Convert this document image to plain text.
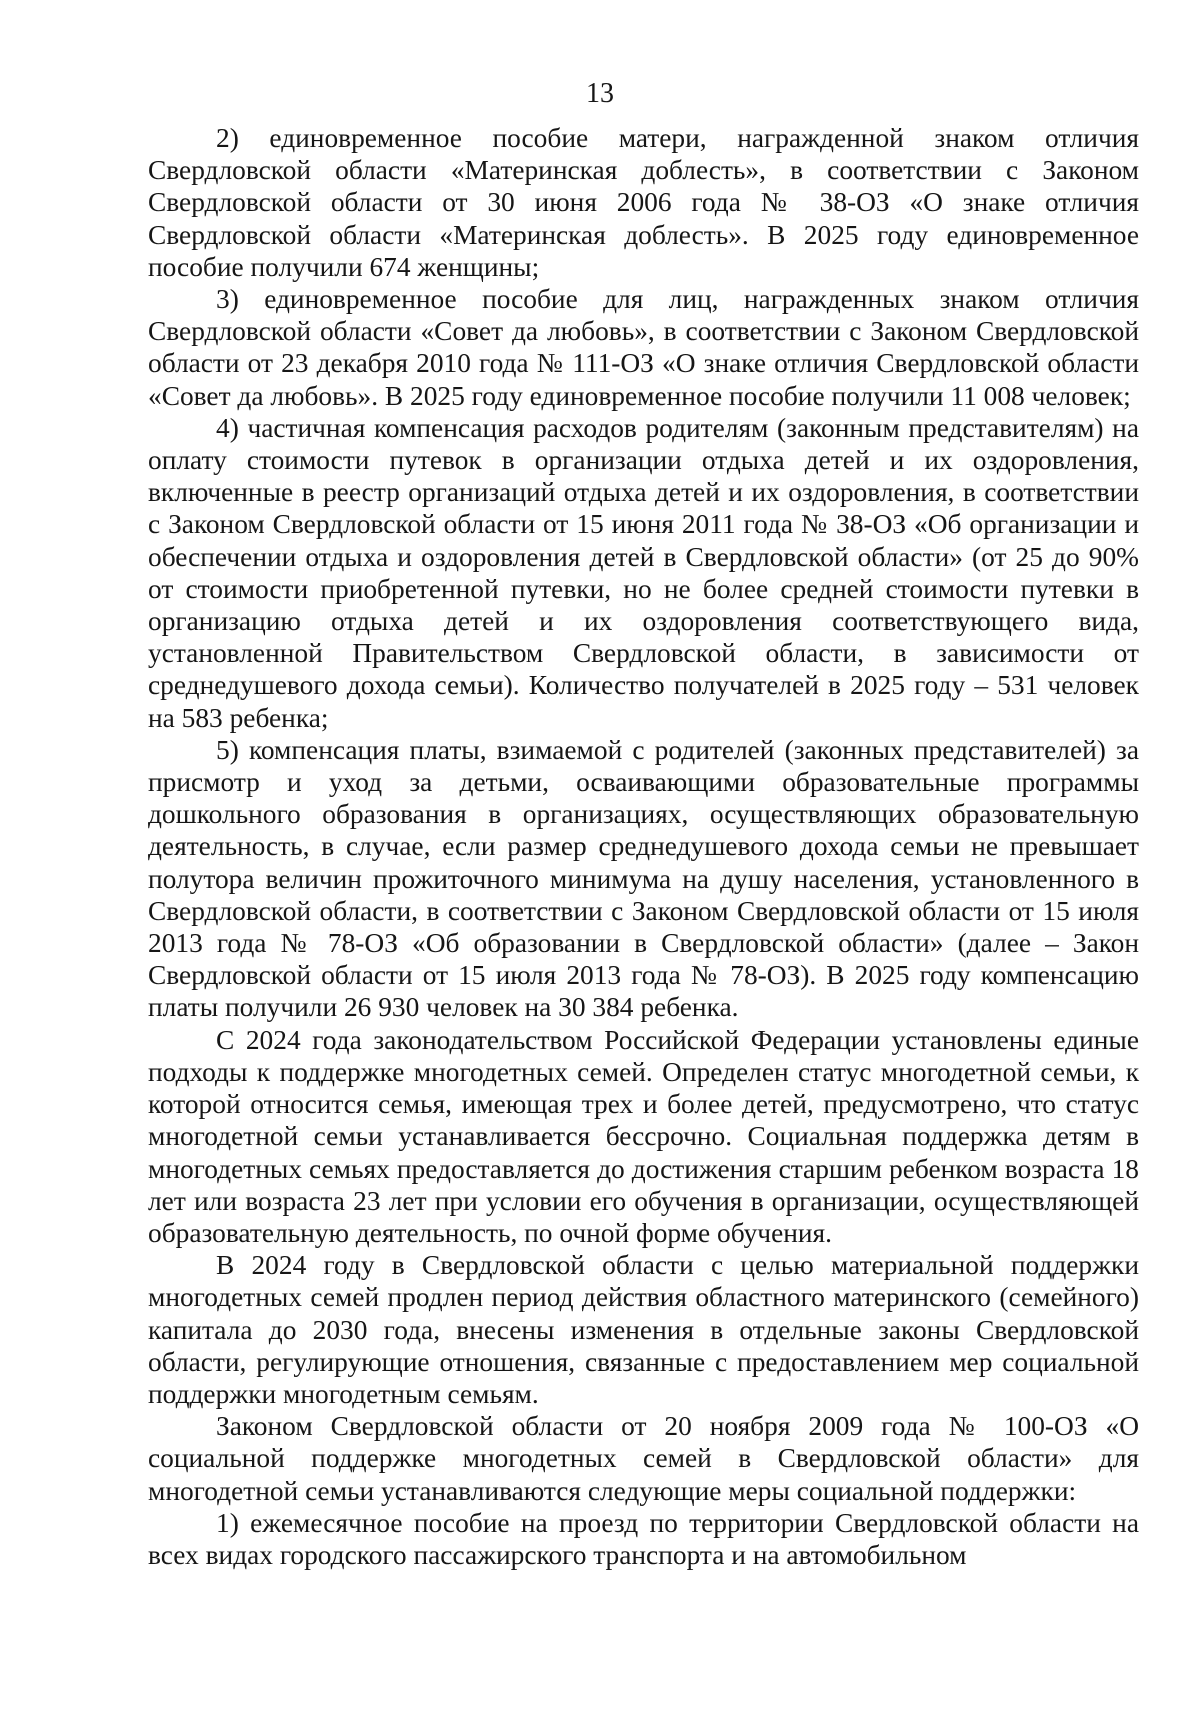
13

2) единовременное пособие матери, награжденной знаком отличия Свердловской области «Материнская доблесть», в соответствии с Законом Свердловской области от 30 июня 2006 года № 38-ОЗ «О знаке отличия Свердловской области «Материнская доблесть». В 2025 году единовременное пособие получили 674 женщины;

3) единовременное пособие для лиц, награжденных знаком отличия Свердловской области «Совет да любовь», в соответствии с Законом Свердловской области от 23 декабря 2010 года № 111-ОЗ «О знаке отличия Свердловской области «Совет да любовь». В 2025 году единовременное пособие получили 11 008 человек;

4) частичная компенсация расходов родителям (законным представителям) на оплату стоимости путевок в организации отдыха детей и их оздоровления, включенные в реестр организаций отдыха детей и их оздоровления, в соответствии с Законом Свердловской области от 15 июня 2011 года № 38-ОЗ «Об организации и обеспечении отдыха и оздоровления детей в Свердловской области» (от 25 до 90% от стоимости приобретенной путевки, но не более средней стоимости путевки в организацию отдыха детей и их оздоровления соответствующего вида, установленной Правительством Свердловской области, в зависимости от среднедушевого дохода семьи). Количество получателей в 2025 году – 531 человек на 583 ребенка;

5) компенсация платы, взимаемой с родителей (законных представителей) за присмотр и уход за детьми, осваивающими образовательные программы дошкольного образования в организациях, осуществляющих образовательную деятельность, в случае, если размер среднедушевого дохода семьи не превышает полутора величин прожиточного минимума на душу населения, установленного в Свердловской области, в соответствии с Законом Свердловской области от 15 июля 2013 года № 78-ОЗ «Об образовании в Свердловской области» (далее – Закон Свердловской области от 15 июля 2013 года № 78-ОЗ). В 2025 году компенсацию платы получили 26 930 человек на 30 384 ребенка.

С 2024 года законодательством Российской Федерации установлены единые подходы к поддержке многодетных семей. Определен статус многодетной семьи, к которой относится семья, имеющая трех и более детей, предусмотрено, что статус многодетной семьи устанавливается бессрочно. Социальная поддержка детям в многодетных семьях предоставляется до достижения старшим ребенком возраста 18 лет или возраста 23 лет при условии его обучения в организации, осуществляющей образовательную деятельность, по очной форме обучения.

В 2024 году в Свердловской области с целью материальной поддержки многодетных семей продлен период действия областного материнского (семейного) капитала до 2030 года, внесены изменения в отдельные законы Свердловской области, регулирующие отношения, связанные с предоставлением мер социальной поддержки многодетным семьям.

Законом Свердловской области от 20 ноября 2009 года № 100-ОЗ «О социальной поддержке многодетных семей в Свердловской области» для многодетной семьи устанавливаются следующие меры социальной поддержки:

1) ежемесячное пособие на проезд по территории Свердловской области на всех видах городского пассажирского транспорта и на автомобильном
